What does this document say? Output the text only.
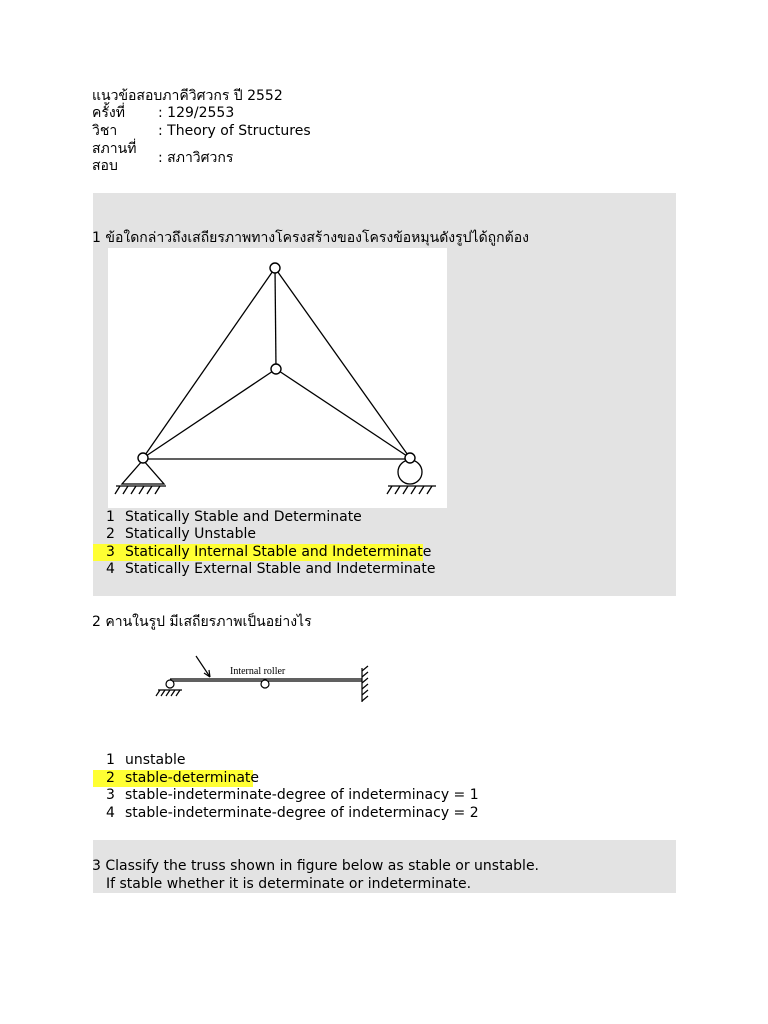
แนวข้อสอบภาคีวิศวกร ปี 2552
ครั้งที่ : 129/2553
วิชา	: Theory of Structures
สภานที่
สอบ	: สภาวิศวกร
1 ข้อใดกล่าวถึงเสถียรภาพทางโครงสร้างของโครงข้อหมุนดังรูปได้ถูกต้อง
1 Statically Stable and Determinate
2 Statically Unstable
3 Statically Internal Stable and Indeterminate
4 Statically External Stable and Indeterminate
2 คานในรูป มีเสถียรภาพเป็นอย่างไร
Internal roller
1 unstable
2 stable-determinate
3 stable-indeterminate-degree of indeterminacy = 1
4 stable-indeterminate-degree of indeterminacy = 2
3 Classify the truss shown in figure below as stable or unstable.
If stable whether it is determinate or indeterminate.
